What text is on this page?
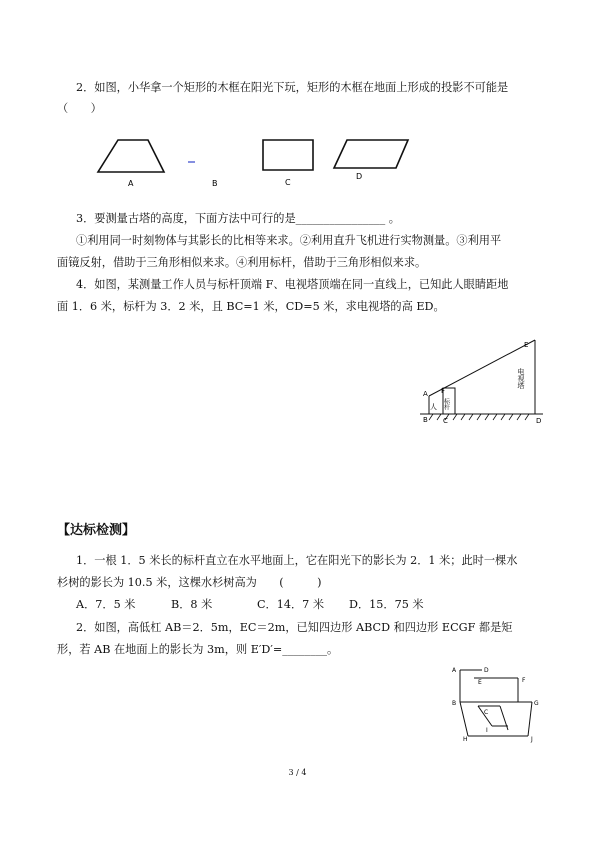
2．如图，小华拿一个矩形的木框在阳光下玩，矩形的木框在地面上形成的投影不可能是
（　　）
A	B	C
D
3．要测量古塔的高度，下面方法中可行的是________________ 。
①利用同一时刻物体与其影长的比相等来求。②利用直升飞机进行实物测量。③利用平
面镜反射，借助于三角形相似来求。④利用标杆，借助于三角形相似来求。
4．如图，某测量工作人员与标杆顶端 F、电视塔顶端在同一直线上，已知此人眼睛距地
面 1．6 米，标杆为 3．2 米，且 BC=1 米，CD=5 米，求电视塔的高 ED。
E
F
A
B C	D
人 标杆
电视塔
【达标检测】
1．一根 1．5 米长的标杆直立在水平地面上，它在阳光下的影长为 2．1 米；此时一棵水
杉树的影长为 10.5 米，这棵水杉树高为　　(　　　)
A．7．5 米	B．8 米	C．14．7 米 D．15．75 米
2．如图，高低杠 AB＝2．5m，EC＝2m，已知四边形 ABCD 和四边形 ECGF 都是矩
形，若 AB 在地面上的影长为 3m，则 E′D′=________。
A	D
E	F
B	G
C
H
I
J
3 / 4
